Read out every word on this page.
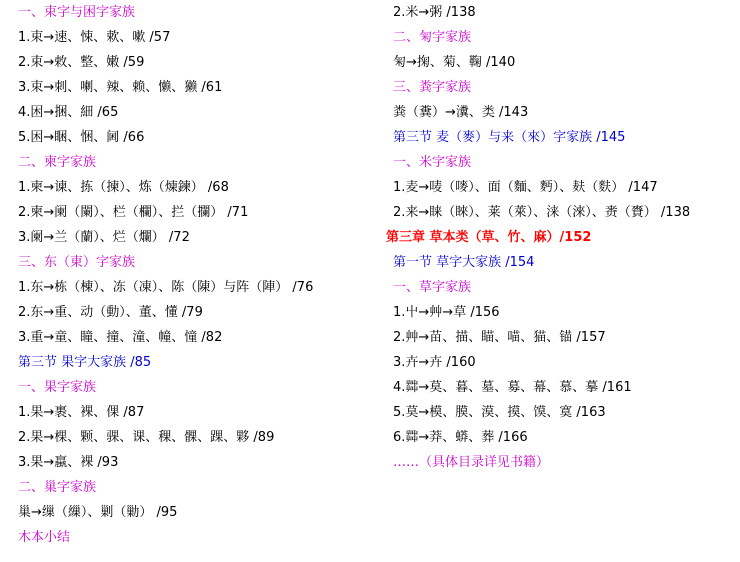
一、束字与困字家族
1.束→速、悚、欶、嗽 /57
2.束→敕、整、嫩 /59
3.束→刺、喇、辣、赖、懒、獭 /61
4.困→捆、細 /65
5.困→睏、悃、阃 /66
二、柬字家族
1.柬→谏、拣（揀）、炼（煉鍊） /68
2.柬→阑（闌）、栏（欄）、拦（攔） /71
3.阑→兰（蘭）、烂（爛） /72
三、东（東）字家族
1.东→栋（棟）、冻（凍）、陈（陳）与阵（陣） /76
2.东→重、动（動）、董、懂 /79
3.重→童、瞳、撞、潼、幢、憧 /82
第三节 果字大家族 /85
一、果字家族
1.果→裹、裸、倮 /87
2.果→棵、颗、骒、课、稞、髁、踝、夥 /89
3.果→蠃、裸 /93
二、巢字家族
巢→缫（繅）、剿（勦） /95
木本小结
2.米→粥 /138
二、匊字家族
匊→掬、菊、鞠 /140
三、粪字家族
粪（糞）→瀵、类 /143
第三节 麦（麥）与来（來）字家族 /145
一、米字家族
1.麦→唛（嘜）、面（麵、麪）、麸（麩） /147
2.来→睐（睞）、莱（萊）、涞（淶）、赉（賚） /138
第三章 草本类（草、竹、麻）/152
第一节 草字大家族 /154
一、草字家族
1.屮→艸→草 /156
2.艸→苗、描、瞄、喵、猫、锚 /157
3.卉→卉 /160
4.茻→莫、暮、墓、募、幕、慕、摹 /161
5.莫→模、膜、漠、摸、馍、寞 /163
6.茻→莽、蟒、葬 /166
……（具体目录详见书籍）
